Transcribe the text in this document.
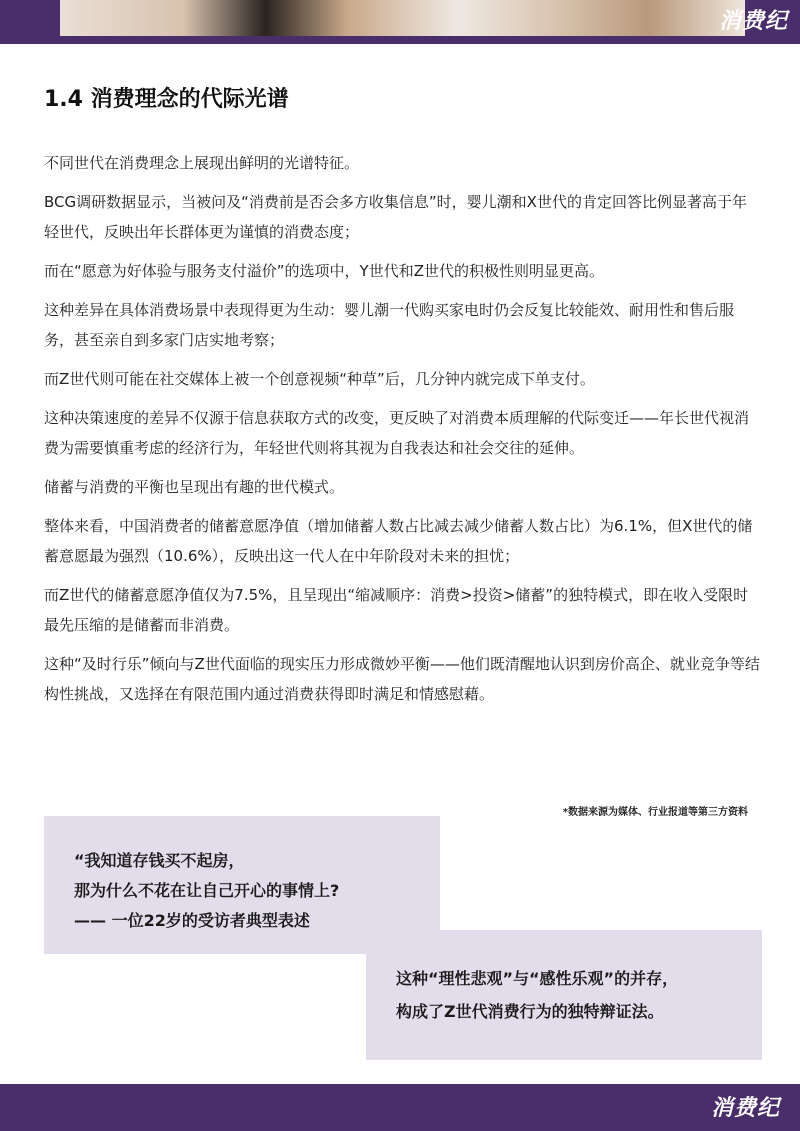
消费纪
1.4 消费理念的代际光谱

不同世代在消费理念上展现出鲜明的光谱特征。

BCG调研数据显示，当被问及“消费前是否会多方收集信息”时，婴儿潮和X世代的肯定回答比例显著高于年轻世代，反映出年长群体更为谨慎的消费态度；

而在“愿意为好体验与服务支付溢价”的选项中，Y世代和Z世代的积极性则明显更高。

这种差异在具体消费场景中表现得更为生动：婴儿潮一代购买家电时仍会反复比较能效、耐用性和售后服务，甚至亲自到多家门店实地考察；

而Z世代则可能在社交媒体上被一个创意视频“种草”后，几分钟内就完成下单支付。

这种决策速度的差异不仅源于信息获取方式的改变，更反映了对消费本质理解的代际变迁——年长世代视消费为需要慎重考虑的经济行为，年轻世代则将其视为自我表达和社会交往的延伸。

储蓄与消费的平衡也呈现出有趣的世代模式。

整体来看，中国消费者的储蓄意愿净值（增加储蓄人数占比减去减少储蓄人数占比）为6.1%，但X世代的储蓄意愿最为强烈（10.6%），反映出这一代人在中年阶段对未来的担忧；

而Z世代的储蓄意愿净值仅为7.5%，且呈现出“缩减顺序：消费>投资>储蓄”的独特模式，即在收入受限时最先压缩的是储蓄而非消费。

这种“及时行乐”倾向与Z世代面临的现实压力形成微妙平衡——他们既清醒地认识到房价高企、就业竞争等结构性挑战，又选择在有限范围内通过消费获得即时满足和情感慰藉。

*数据来源为媒体、行业报道等第三方资料
“我知道存钱买不起房，
那为什么不花在让自己开心的事情上?
—— 一位22岁的受访者典型表述
这种“理性悲观”与“感性乐观”的并存，
构成了Z世代消费行为的独特辩证法。
消费纪
